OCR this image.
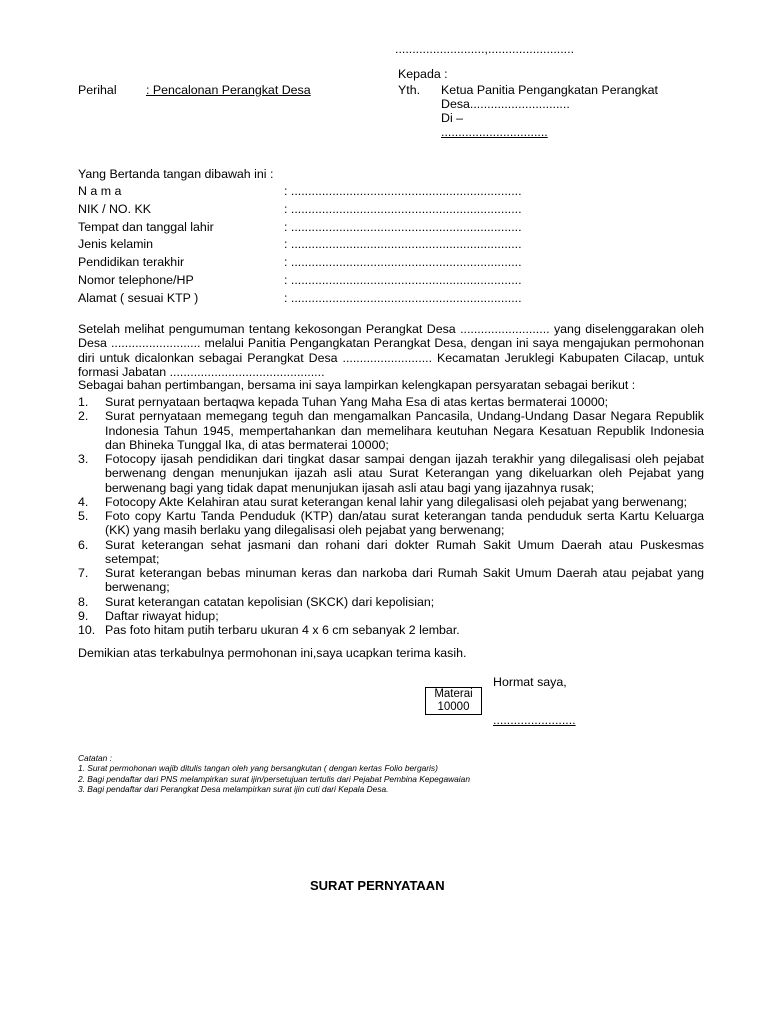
..........................,.........................
Kepada :
Perihal : Pencalonan Perangkat Desa	Yth. Ketua Panitia Pengangkatan Perangkat
Desa.............................
Di –
...............................
Yang Bertanda tangan dibawah ini :
N a m a	: ...................................................................
NIK / NO. KK	: ...................................................................
Tempat dan tanggal lahir	: ...................................................................
Jenis kelamin	: ...................................................................
Pendidikan terakhir	: ...................................................................
Nomor telephone/HP	: ...................................................................
Alamat ( sesuai KTP )	: ...................................................................
Setelah melihat pengumuman tentang kekosongan Perangkat Desa .......................... yang diselenggarakan oleh Desa .......................... melalui Panitia Pengangkatan Perangkat Desa, dengan ini saya mengajukan permohonan diri untuk dicalonkan sebagai Perangkat Desa .......................... Kecamatan Jeruklegi Kabupaten Cilacap, untuk formasi Jabatan .............................................
Sebagai bahan pertimbangan, bersama ini saya lampirkan kelengkapan persyaratan sebagai berikut :
1. Surat pernyataan bertaqwa kepada Tuhan Yang Maha Esa di atas kertas bermaterai 10000;
2. Surat pernyataan memegang teguh dan mengamalkan Pancasila, Undang-Undang Dasar Negara Republik Indonesia Tahun 1945, mempertahankan dan memelihara keutuhan Negara Kesatuan Republik Indonesia dan Bhineka Tunggal Ika, di atas bermaterai 10000;
3. Fotocopy ijasah pendidikan dari tingkat dasar sampai dengan ijazah terakhir yang dilegalisasi oleh pejabat berwenang dengan menunjukan ijazah asli atau Surat Keterangan yang dikeluarkan oleh Pejabat yang berwenang bagi yang tidak dapat menunjukan ijasah asli atau bagi yang ijazahnya rusak;
4. Fotocopy Akte Kelahiran atau surat keterangan kenal lahir yang dilegalisasi oleh pejabat yang berwenang;
5. Foto copy Kartu Tanda Penduduk (KTP) dan/atau surat keterangan tanda penduduk serta Kartu Keluarga (KK) yang masih berlaku yang dilegalisasi oleh pejabat yang berwenang;
6. Surat keterangan sehat jasmani dan rohani dari dokter Rumah Sakit Umum Daerah atau Puskesmas setempat;
7. Surat keterangan bebas minuman keras dan narkoba dari Rumah Sakit Umum Daerah atau pejabat yang berwenang;
8. Surat keterangan catatan kepolisian (SKCK) dari kepolisian;
9. Daftar riwayat hidup;
10. Pas foto hitam putih terbaru ukuran 4 x 6 cm sebanyak 2 lembar.
Demikian atas terkabulnya permohonan ini,saya ucapkan terima kasih.
Hormat saya,
Materai
10000
........................
Catatan :
1. Surat permohonan wajib ditulis tangan oleh yang bersangkutan ( dengan kertas Folio bergaris)
2. Bagi pendaftar dari PNS melampirkan surat ijin/persetujuan tertulis dari Pejabat Pembina Kepegawaian
3. Bagi pendaftar dari Perangkat Desa melampirkan surat ijin cuti dari Kepala Desa.
SURAT PERNYATAAN
